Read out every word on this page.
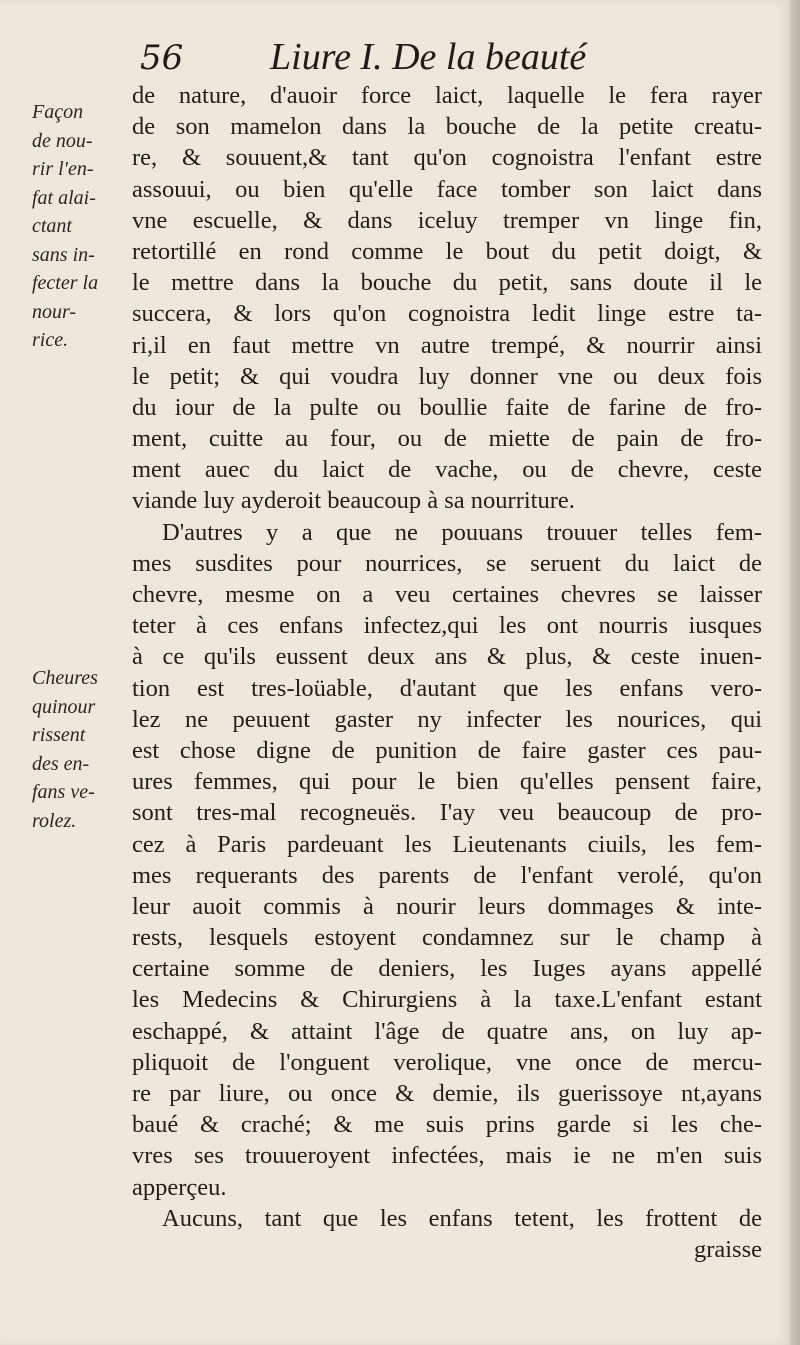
56 Liure I. De la beauté
Façon
de nou-
rir l'en-
fat alai-
ctant
sans in-
fecter la
nour-
rice.
Cheures
quinour
rissent
des en-
fans ve-
rolez.
de nature, d'auoir force laict, laquelle le fera rayer
de son mamelon dans la bouche de la petite creatu-
re, & souuent,& tant qu'on cognoistra l'enfant estre
assouui, ou bien qu'elle face tomber son laict dans
vne escuelle, & dans iceluy tremper vn linge fin,
retortillé en rond comme le bout du petit doigt, &
le mettre dans la bouche du petit, sans doute il le
succera, & lors qu'on cognoistra ledit linge estre ta-
ri,il en faut mettre vn autre trempé, & nourrir ainsi
le petit; & qui voudra luy donner vne ou deux fois
du iour de la pulte ou boullie faite de farine de fro-
ment, cuitte au four, ou de miette de pain de fro-
ment auec du laict de vache, ou de chevre, ceste
viande luy ayderoit beaucoup à sa nourriture.
D'autres y a que ne pouuans trouuer telles fem-
mes susdites pour nourrices, se seruent du laict de
chevre, mesme on a veu certaines chevres se laisser
teter à ces enfans infectez,qui les ont nourris iusques
à ce qu'ils eussent deux ans & plus, & ceste inuen-
tion est tres-loüable, d'autant que les enfans vero-
lez ne peuuent gaster ny infecter les nourices, qui
est chose digne de punition de faire gaster ces pau-
ures femmes, qui pour le bien qu'elles pensent faire,
sont tres-mal recogneuës. I'ay veu beaucoup de pro-
cez à Paris pardeuant les Lieutenants ciuils, les fem-
mes requerants des parents de l'enfant verolé, qu'on
leur auoit commis à nourir leurs dommages & inte-
rests, lesquels estoyent condamnez sur le champ à
certaine somme de deniers, les Iuges ayans appellé
les Medecins & Chirurgiens à la taxe.L'enfant estant
eschappé, & attaint l'âge de quatre ans, on luy ap-
pliquoit de l'onguent verolique, vne once de mercu-
re par liure, ou once & demie, ils guerissoye nt,ayans
baué & craché; & me suis prins garde si les che-
vres ses trouueroyent infectées, mais ie ne m'en suis
apperçeu.
Aucuns, tant que les enfans tetent, les frottent de
graisse
